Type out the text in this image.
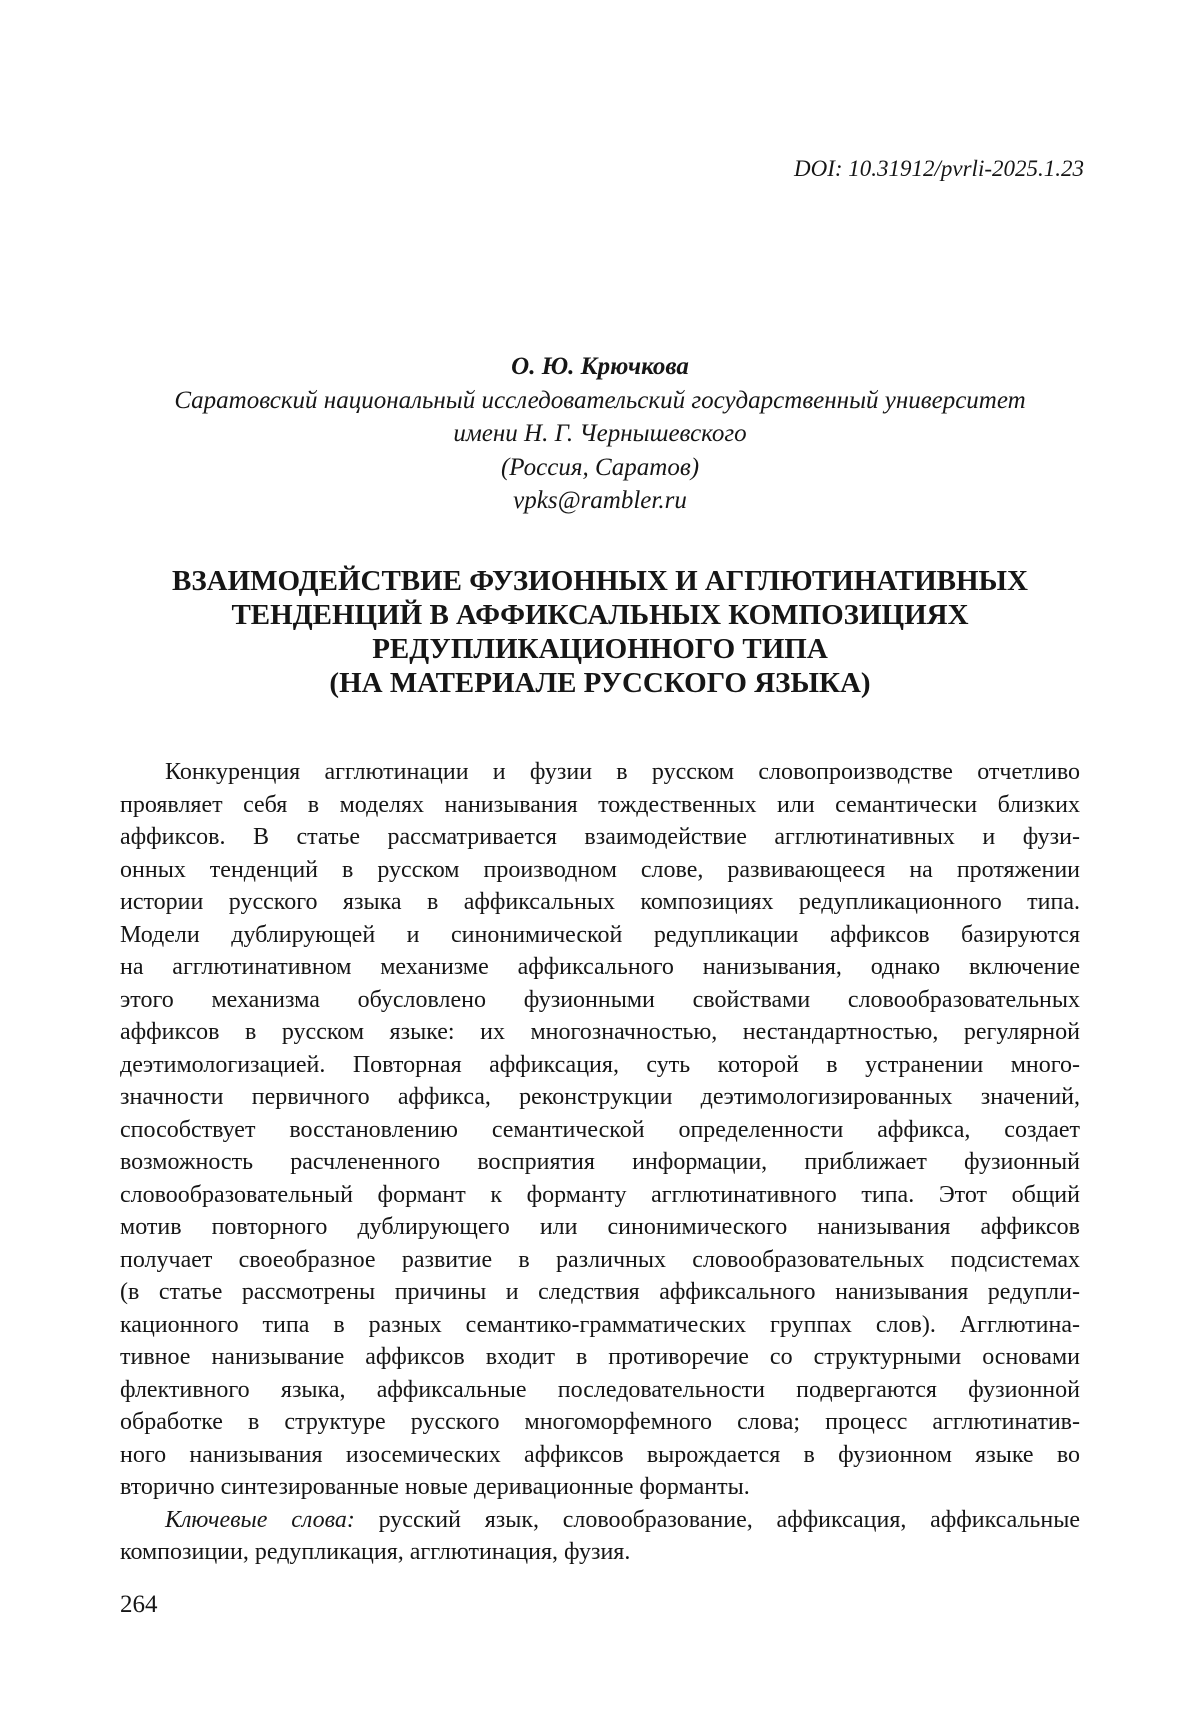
DOI: 10.31912/pvrli-2025.1.23
О. Ю. Крючкова
Саратовский национальный исследовательский государственный университет
имени Н. Г. Чернышевского
(Россия, Саратов)
vpks@rambler.ru
ВЗАИМОДЕЙСТВИЕ ФУЗИОННЫХ И АГГЛЮТИНАТИВНЫХ
ТЕНДЕНЦИЙ В АФФИКСАЛЬНЫХ КОМПОЗИЦИЯХ
РЕДУПЛИКАЦИОННОГО ТИПА
(НА МАТЕРИАЛЕ РУССКОГО ЯЗЫКА)
Конкуренция агглютинации и фузии в русском словопроизводстве отчетливо
проявляет себя в моделях нанизывания тождественных или семантически близких
аффиксов. В статье рассматривается взаимодействие агглютинативных и фузи-
онных тенденций в русском производном слове, развивающееся на протяжении
истории русского языка в аффиксальных композициях редупликационного типа.
Модели дублирующей и синонимической редупликации аффиксов базируются
на агглютинативном механизме аффиксального нанизывания, однако включение
этого механизма обусловлено фузионными свойствами словообразовательных
аффиксов в русском языке: их многозначностью, нестандартностью, регулярной
деэтимологизацией. Повторная аффиксация, суть которой в устранении много-
значности первичного аффикса, реконструкции деэтимологизированных значений,
способствует восстановлению семантической определенности аффикса, создает
возможность расчлененного восприятия информации, приближает фузионный
словообразовательный формант к форманту агглютинативного типа. Этот общий
мотив повторного дублирующего или синонимического нанизывания аффиксов
получает своеобразное развитие в различных словообразовательных подсистемах
(в статье рассмотрены причины и следствия аффиксального нанизывания редупли-
кационного типа в разных семантико-грамматических группах слов). Агглютина-
тивное нанизывание аффиксов входит в противоречие со структурными основами
флективного языка, аффиксальные последовательности подвергаются фузионной
обработке в структуре русского многоморфемного слова; процесс агглютинатив-
ного нанизывания изосемических аффиксов вырождается в фузионном языке во
вторично синтезированные новые деривационные форманты.
Ключевые слова: русский язык, словообразование, аффиксация, аффиксальные
композиции, редупликация, агглютинация, фузия.
264
